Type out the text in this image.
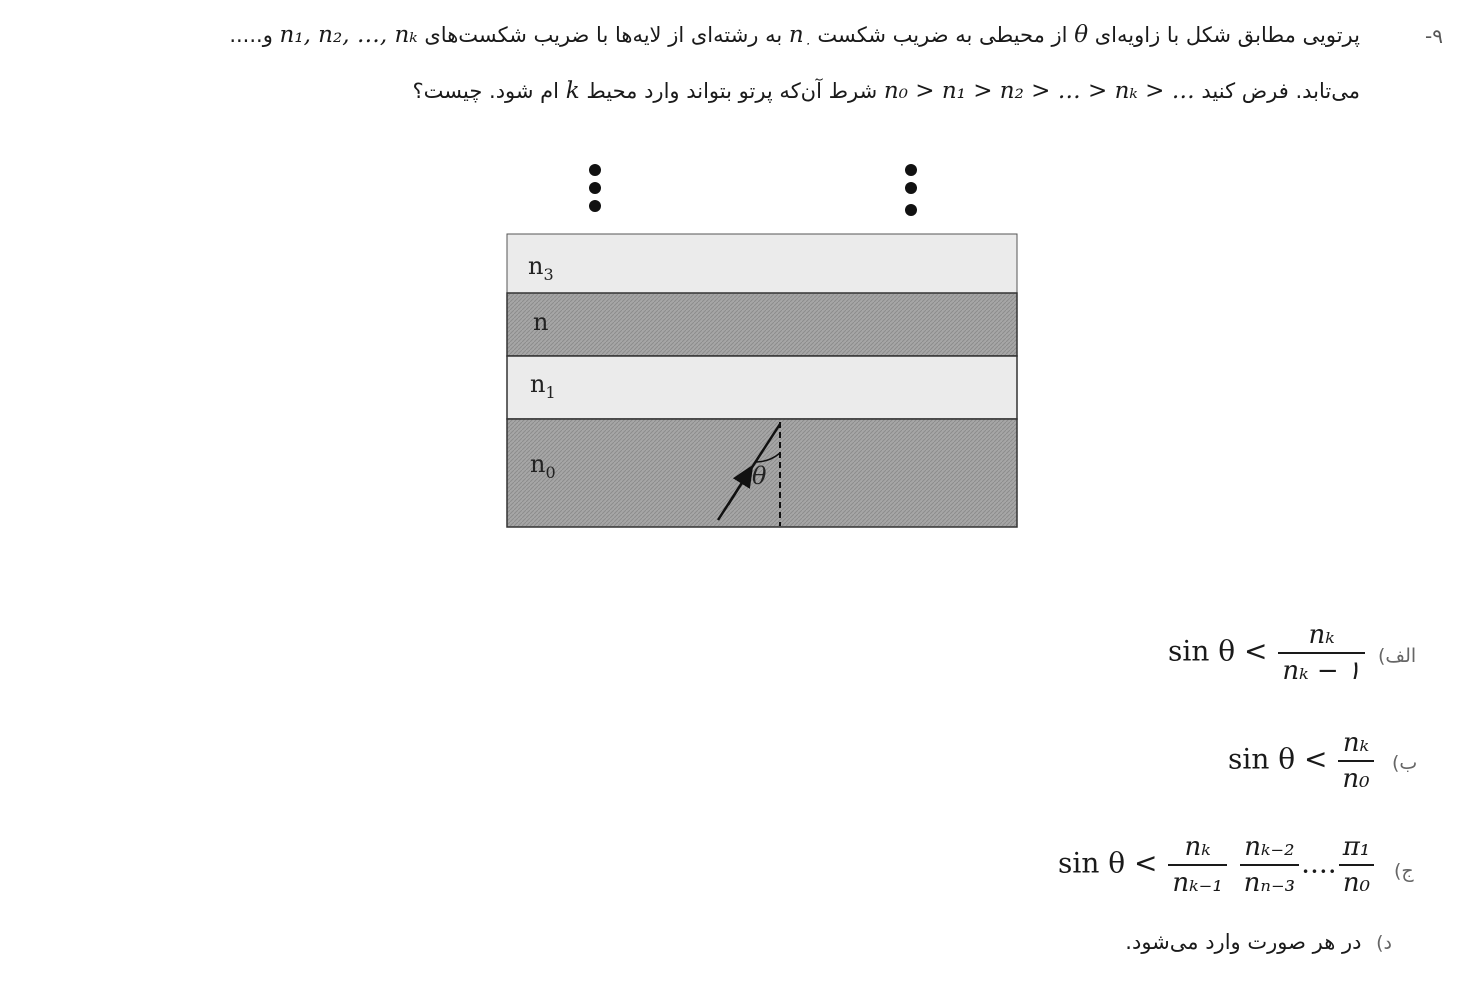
-۹
پرتویی مطابق شکل با زاویه‌ای θ از محیطی به ضریب شکست $n_۰$ به رشته‌ای از لایه‌ها با ضریب شکست‌های n₁, n₂, …, nₖ و.....
می‌تابد. فرض کنید n₀ > n₁ > n₂ > … > nₖ > … شرط آن‌که پرتو بتواند وارد محیط k ام شود. چیست؟
$n_3$
n
$n_1$
$n_0$	θ
الف)
$\sin \theta < \frac{\text{nₖ}}{\text{nₖ − ۱}}$
ب)
$\sin \theta < \frac{\text{nₖ}}{\text{n₀}}$
ج)
$\sin \theta < \frac{\text{nₖ}}{\text{nₖ₋₁}}$
$\frac{\text{nₖ₋₂}}{\text{nₙ₋₃}}$ .... $\frac{\text{π₁}}{\text{n₀}}$
د) در هر صورت وارد می‌شود.
